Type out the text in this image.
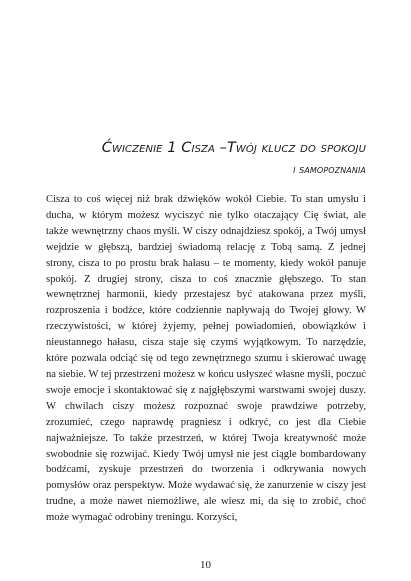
Ćwiczenie 1 Cisza –Twój klucz do spokoju
i samopoznania

Cisza to coś więcej niż brak dźwięków wokół Ciebie. To stan umysłu i ducha, w którym możesz wyciszyć nie tylko otaczający Cię świat, ale także wewnętrzny chaos myśli. W ciszy odnajdziesz spokój, a Twój umysł wejdzie w głębszą, bardziej świadomą relację z Tobą samą. Z jednej strony, cisza to po prostu brak hałasu – te momenty, kiedy wokół panuje spokój. Z drugiej strony, cisza to coś znacznie głębszego. To stan wewnętrznej harmonii, kiedy przestajesz być atakowana przez myśli, rozproszenia i bodźce, które codziennie napływają do Twojej głowy. W rzeczywistości, w której żyjemy, pełnej powiadomień, obowiązków i nieustannego hałasu, cisza staje się czymś wyjątkowym. To narzędzie, które pozwala odciąć się od tego zewnętrznego szumu i skierować uwagę na siebie. W tej przestrzeni możesz w końcu usłyszeć własne myśli, poczuć swoje emocje i skontaktować się z najgłębszymi warstwami swojej duszy. W chwilach ciszy możesz rozpoznać swoje prawdziwe potrzeby, zrozumieć, czego naprawdę pragniesz i odkryć, co jest dla Ciebie najważniejsze. To także przestrzeń, w której Twoja kreatywność może swobodnie się rozwijać. Kiedy Twój umysł nie jest ciągle bombardowany bodźcami, zyskuje przestrzeń do tworzenia i odkrywania nowych pomysłów oraz perspektyw. Może wydawać się, że zanurzenie w ciszy jest trudne, a może nawet niemożliwe, ale wiesz mi, da się to zrobić, choć może wymagać odrobiny treningu. Korzyści,

10
